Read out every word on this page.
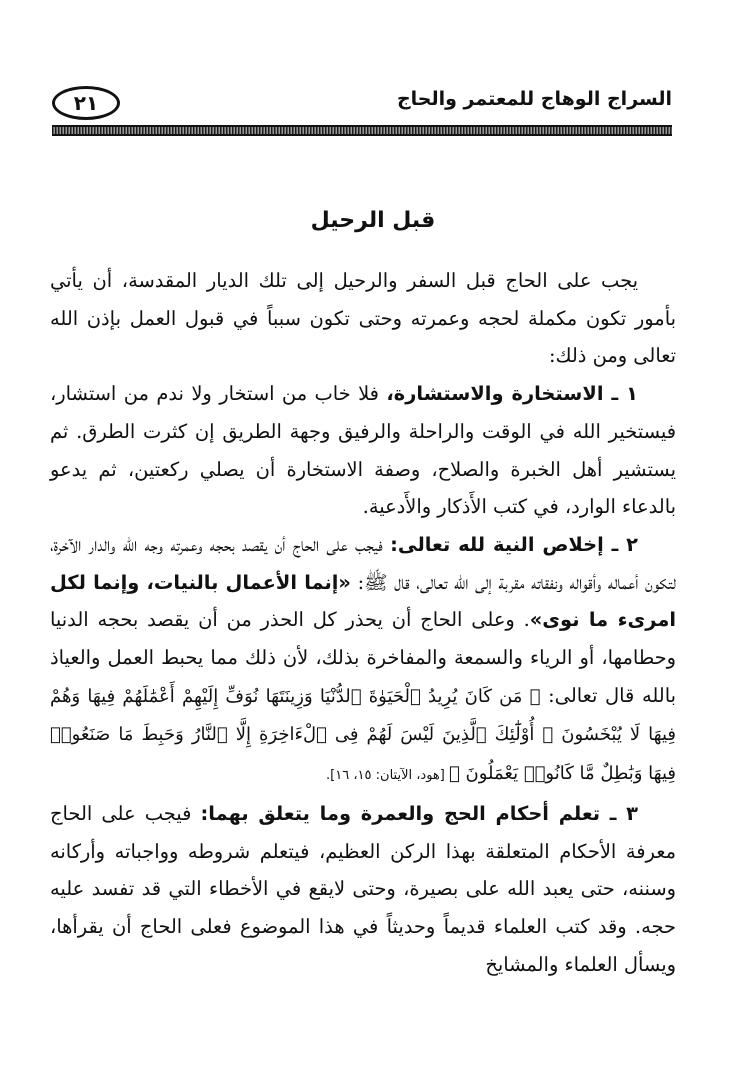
٢١	السراج الوهاج للمعتمر والحاج
قبل الرحيل

يجب على الحاج قبل السفر والرحيل إلى تلك الديار المقدسة، أن يأتي بأمور تكون مكملة لحجه وعمرته وحتى تكون سبباً في قبول العمل بإذن الله تعالى ومن ذلك:

١ ـ الاستخارة والاستشارة، فلا خاب من استخار ولا ندم من استشار، فيستخير الله في الوقت والراحلة والرفيق وجهة الطريق إن كثرت الطرق. ثم يستشير أهل الخبرة والصلاح، وصفة الاستخارة أن يصلي ركعتين، ثم يدعو بالدعاء الوارد، في كتب الأَذكار والأَدعية.

٢ ـ إخلاص النية لله تعالى: فيجب على الحاج أن يقصد بحجه وعمرته وجه الله والدار الآخرة، لتكون أعماله وأقواله ونفقاته مقربة إلى الله تعالى، قال ﷺ: «إنما الأعمال بالنيات، وإنما لكل امرىء ما نوى». وعلى الحاج أن يحذر كل الحذر من أن يقصد بحجه الدنيا وحطامها، أو الرياء والسمعة والمفاخرة بذلك، لأن ذلك مما يحبط العمل والعياذ بالله قال تعالى: ﴿ مَن كَانَ يُرِيدُ ٱلْحَيَوٰةَ ٱلدُّنْيَا وَزِينَتَهَا نُوَفِّ إِلَيْهِمْ أَعْمَٰلَهُمْ فِيهَا وَهُمْ فِيهَا لَا يُبْخَسُونَ ۞ أُوْلَٰٓئِكَ ٱلَّذِينَ لَيْسَ لَهُمْ فِى ٱلْءَاخِرَةِ إِلَّا ٱلنَّارُ وَحَبِطَ مَا صَنَعُوا۟ فِيهَا وَبَٰطِلٌ مَّا كَانُوا۟ يَعْمَلُونَ ﴾ [هود، الآيتان: ١٥، ١٦].

٣ ـ تعلم أحكام الحج والعمرة وما يتعلق بهما: فيجب على الحاج معرفة الأحكام المتعلقة بهذا الركن العظيم، فيتعلم شروطه وواجباته وأركانه وسننه، حتى يعبد الله على بصيرة، وحتى لايقع في الأخطاء التي قد تفسد عليه حجه. وقد كتب العلماء قديماً وحديثاً في هذا الموضوع فعلى الحاج أن يقرأها، ويسأل العلماء والمشايخ
